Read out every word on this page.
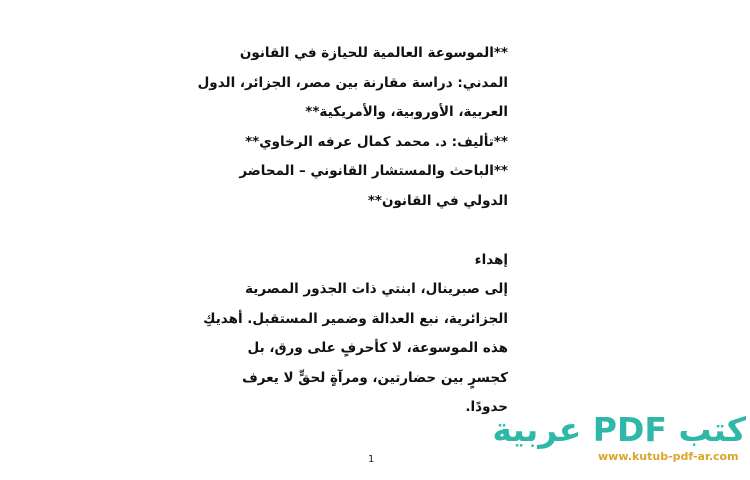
**الموسوعة العالمية للحيازة في القانون
المدني: دراسة مقارنة بين مصر، الجزائر، الدول
العربية، الأوروبية، والأمريكية**
**تأليف: د. محمد كمال عرفه الرخاوي**
**الباحث والمستشار القانوني – المحاضر
الدولي في القانون**
إهداء
إلى صبرينال، ابنتي ذات الجذور المصرية
الجزائرية، نبع العدالة وضمير المستقبل. أهديكِ
هذه الموسوعة، لا كأحرفٍ على ورق، بل
كجسرٍ بين حضارتين، ومرآةٍ لحقٍّ لا يعرف
حدودًا.
1
كتب PDF عربية
www.kutub-pdf-ar.com
